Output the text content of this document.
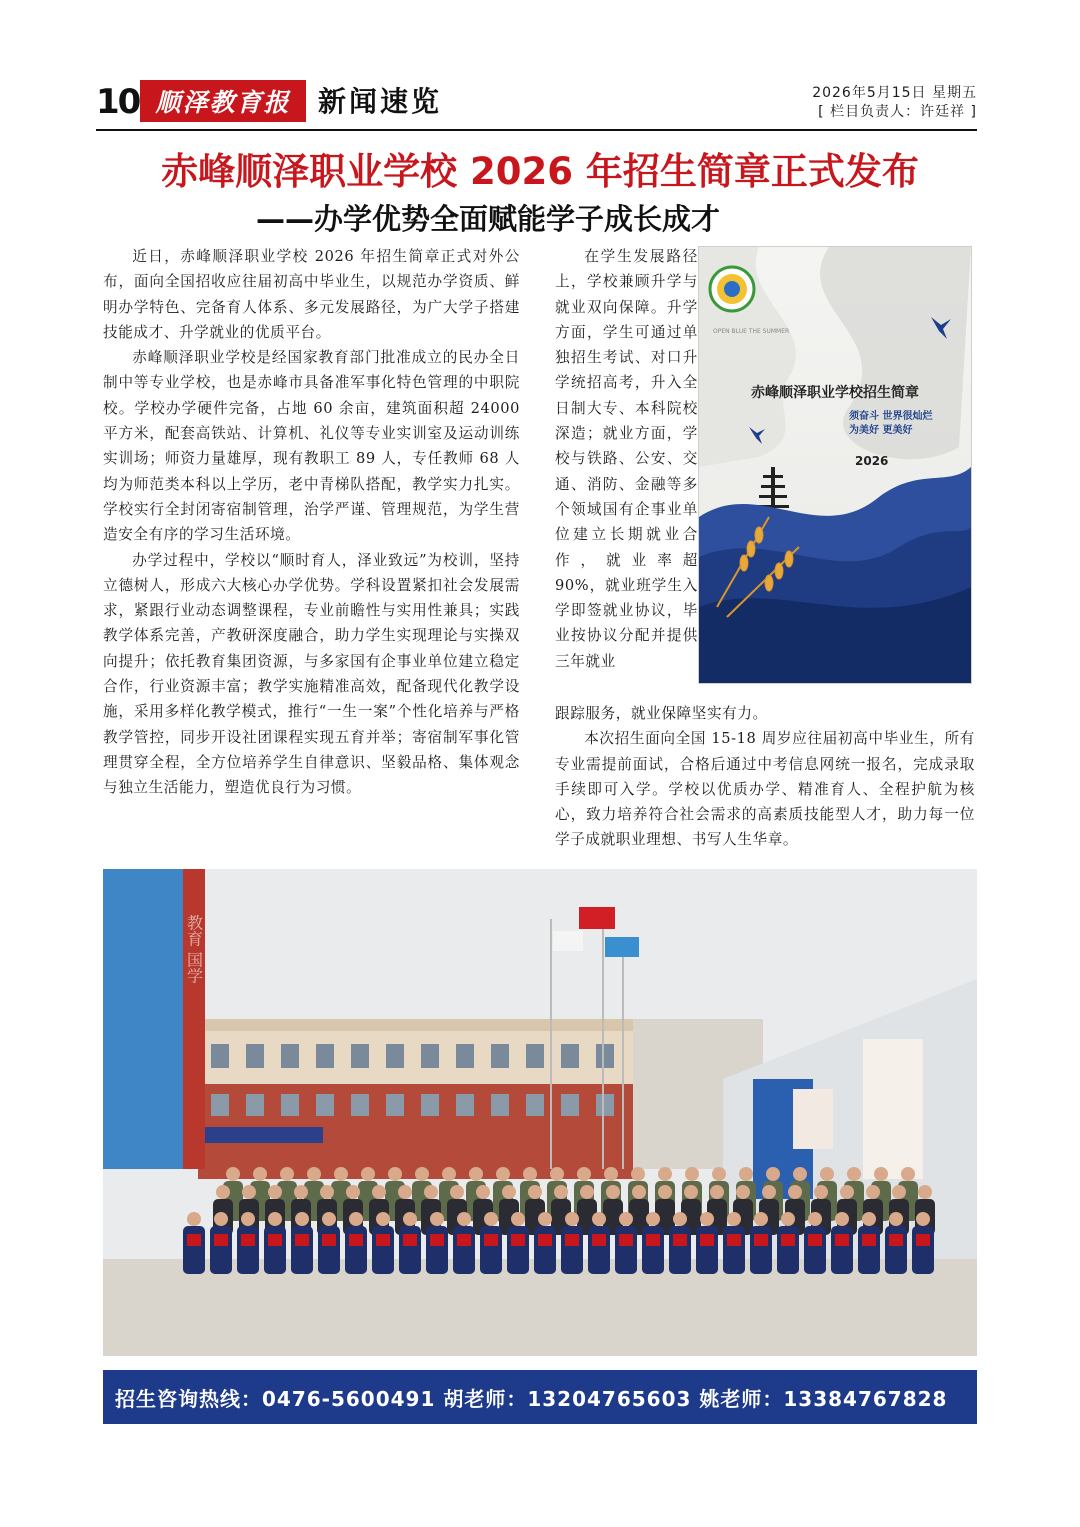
10 顺泽教育报 新闻速览	2026年5月15日 星期五
[ 栏目负责人：许廷祥 ]
赤峰顺泽职业学校 2026 年招生简章正式发布
——办学优势全面赋能学子成长成才

近日，赤峰顺泽职业学校 2026 年招生简章正式对外公布，面向全国招收应往届初高中毕业生，以规范办学资质、鲜明办学特色、完备育人体系、多元发展路径，为广大学子搭建技能成才、升学就业的优质平台。

赤峰顺泽职业学校是经国家教育部门批准成立的民办全日制中等专业学校，也是赤峰市具备准军事化特色管理的中职院校。学校办学硬件完备，占地 60 余亩，建筑面积超 24000 平方米，配套高铁站、计算机、礼仪等专业实训室及运动训练实训场；师资力量雄厚，现有教职工 89 人，专任教师 68 人均为师范类本科以上学历，老中青梯队搭配，教学实力扎实。学校实行全封闭寄宿制管理，治学严谨、管理规范，为学生营造安全有序的学习生活环境。

办学过程中，学校以“顺时育人，泽业致远”为校训，坚持立德树人，形成六大核心办学优势。学科设置紧扣社会发展需求，紧跟行业动态调整课程，专业前瞻性与实用性兼具；实践教学体系完善，产教研深度融合，助力学生实现理论与实操双向提升；依托教育集团资源，与多家国有企事业单位建立稳定合作，行业资源丰富；教学实施精准高效，配备现代化教学设施，采用多样化教学模式，推行“一生一案”个性化培养与严格教学管控，同步开设社团课程实现五育并举；寄宿制军事化管理贯穿全程，全方位培养学生自律意识、坚毅品格、集体观念与独立生活能力，塑造优良行为习惯。

在学生发展路径上，学校兼顾升学与就业双向保障。升学方面，学生可通过单独招生考试、对口升学统招高考，升入全日制大专、本科院校深造；就业方面，学校与铁路、公安、交通、消防、金融等多个领域国有企事业单位建立长期就业合作，就业率超 90%，就业班学生入学即签就业协议，毕业按协议分配并提供三年就业

跟踪服务，就业保障坚实有力。

本次招生面向全国 15-18 周岁应往届初高中毕业生，所有专业需提前面试，合格后通过中考信息网统一报名，完成录取手续即可入学。学校以优质办学、精准育人、全程护航为核心，致力培养符合社会需求的高素质技能型人才，助力每一位学子成就职业理想、书写人生华章。

OPEN BLUE THE SUMMER
赤峰顺泽职业学校招生简章
须奋斗 世界很灿烂
为美好 更美好
2026
教育 国学
招生咨询热线：0476-5600491 胡老师：13204765603 姚老师：13384767828
